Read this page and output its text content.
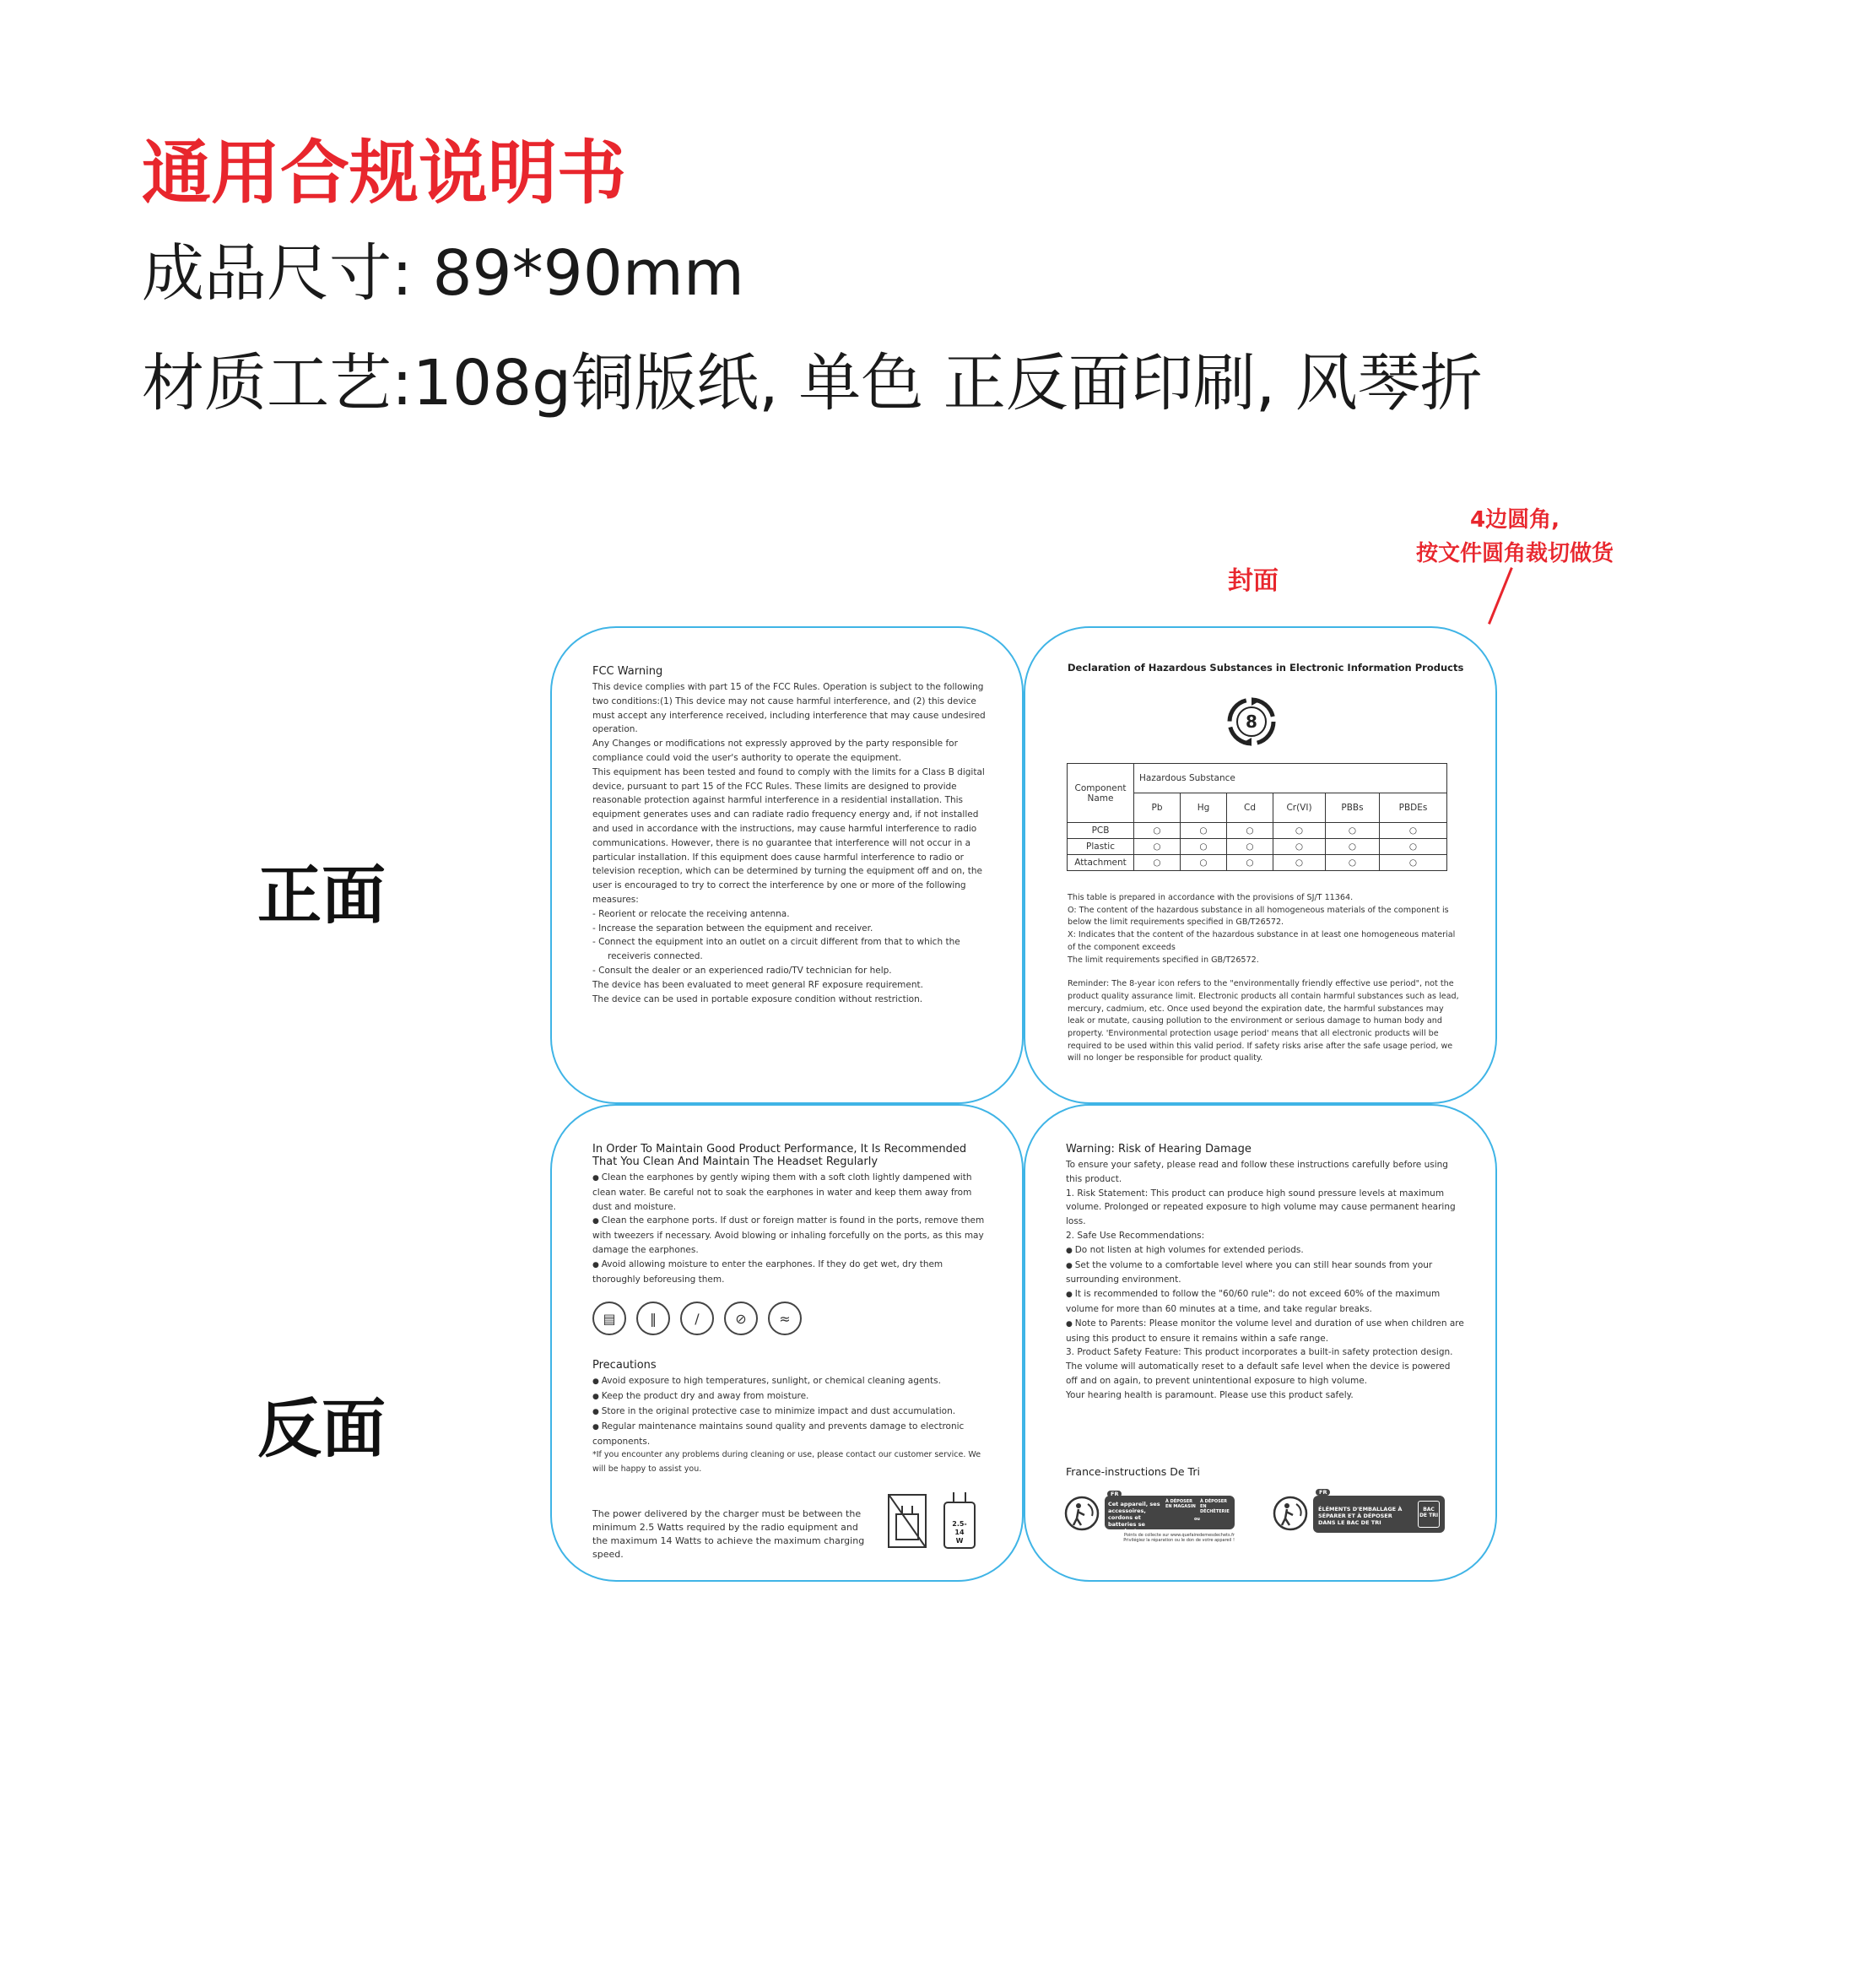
通用合规说明书
成品尺寸: 89*90mm
材质工艺:108g铜版纸, 单色 正反面印刷, 风琴折
正面
反面
4边圆角,
按文件圆角裁切做货
封面
FCC Warning

This device complies with part 15 of the FCC Rules. Operation is subject to the following two conditions:(1) This device may not cause harmful interference, and (2) this device must accept any interference received, including interference that may cause undesired operation.

Any Changes or modifications not expressly approved by the party responsible for compliance could void the user's authority to operate the equipment.

This equipment has been tested and found to comply with the limits for a Class B digital device, pursuant to part 15 of the FCC Rules. These limits are designed to provide reasonable protection against harmful interference in a residential installation. This equipment generates uses and can radiate radio frequency energy and, if not installed and used in accordance with the instructions, may cause harmful interference to radio communications. However, there is no guarantee that interference will not occur in a particular installation. If this equipment does cause harmful interference to radio or television reception, which can be determined by turning the equipment off and on, the user is encouraged to try to correct the interference by one or more of the following measures:

- Reorient or relocate the receiving antenna.

- Increase the separation between the equipment and receiver.

- Connect the equipment into an outlet on a circuit different from that to which the receiveris connected.

- Consult the dealer or an experienced radio/TV technician for help.

The device has been evaluated to meet general RF exposure requirement.

The device can be used in portable exposure condition without restriction.

Declaration of Hazardous Substances in Electronic Information Products
8
Component Name	Hazardous Substance					
	Pb	Hg	Cd	Cr(VI)	PBBs	PBDEs
PCB	○	○	○	○	○	○
Plastic	○	○	○	○	○	○
Attachment	○	○	○	○	○	○

This table is prepared in accordance with the provisions of SJ/T 11364.

O: The content of the hazardous substance in all homogeneous materials of the component is below the limit requirements specified in GB/T26572.

X: Indicates that the content of the hazardous substance in at least one homogeneous material of the component exceeds

The limit requirements specified in GB/T26572.

Reminder: The 8-year icon refers to the "environmentally friendly effective use period", not the product quality assurance limit. Electronic products all contain harmful substances such as lead, mercury, cadmium, etc. Once used beyond the expiration date, the harmful substances may leak or mutate, causing pollution to the environment or serious damage to human body and property. 'Environmental protection usage period' means that all electronic products will be required to be used within this valid period. If safety risks arise after the safe usage period, we will no longer be responsible for product quality.

In Order To Maintain Good Product Performance, It Is Recommended
That You Clean And Maintain The Headset Regularly

● Clean the earphones by gently wiping them with a soft cloth lightly dampened with clean water. Be careful not to soak the earphones in water and keep them away from dust and moisture.

● Clean the earphone ports. If dust or foreign matter is found in the ports, remove them with tweezers if necessary. Avoid blowing or inhaling forcefully on the ports, as this may damage the earphones.

● Avoid allowing moisture to enter the earphones. If they do get wet, dry them thoroughly beforeusing them.

▤	‖	∕	⊘	≈
Precautions

● Avoid exposure to high temperatures, sunlight, or chemical cleaning agents.

● Keep the product dry and away from moisture.

● Store in the original protective case to minimize impact and dust accumulation.

● Regular maintenance maintains sound quality and prevents damage to electronic components.

*If you encounter any problems during cleaning or use, please contact our customer service. We will be happy to assist you.

The power delivered by the charger must be between the minimum 2.5 Watts required by the radio equipment and the maximum 14 Watts to achieve the maximum charging speed.
2.5-14
W
Warning: Risk of Hearing Damage

To ensure your safety, please read and follow these instructions carefully before using this product.

1. Risk Statement: This product can produce high sound pressure levels at maximum volume. Prolonged or repeated exposure to high volume may cause permanent hearing loss.

2. Safe Use Recommendations:

● Do not listen at high volumes for extended periods.

● Set the volume to a comfortable level where you can still hear sounds from your surrounding environment.

● It is recommended to follow the "60/60 rule": do not exceed 60% of the maximum volume for more than 60 minutes at a time, and take regular breaks.

● Note to Parents: Please monitor the volume level and duration of use when children are using this product to ensure it remains within a safe range.

3. Product Safety Feature: This product incorporates a built-in safety protection design. The volume will automatically reset to a default safe level when the device is powered off and on again, to prevent unintentional exposure to high volume.

Your hearing health is paramount. Please use this product safely.

France-instructions De Tri
FR
Cet appareil, ses accessoires, cordons et batteries se recyclent
À DÉPOSER EN MAGASIN
À DÉPOSER EN DÉCHÈTERIE
ou
Points de collecte sur www.quefairedemesdechets.fr Privilégiez la réparation ou le don de votre appareil !
FR
ÉLÉMENTS D'EMBALLAGE À SÉPARER ET À DÉPOSER DANS LE BAC DE TRI
BAC DE TRI
